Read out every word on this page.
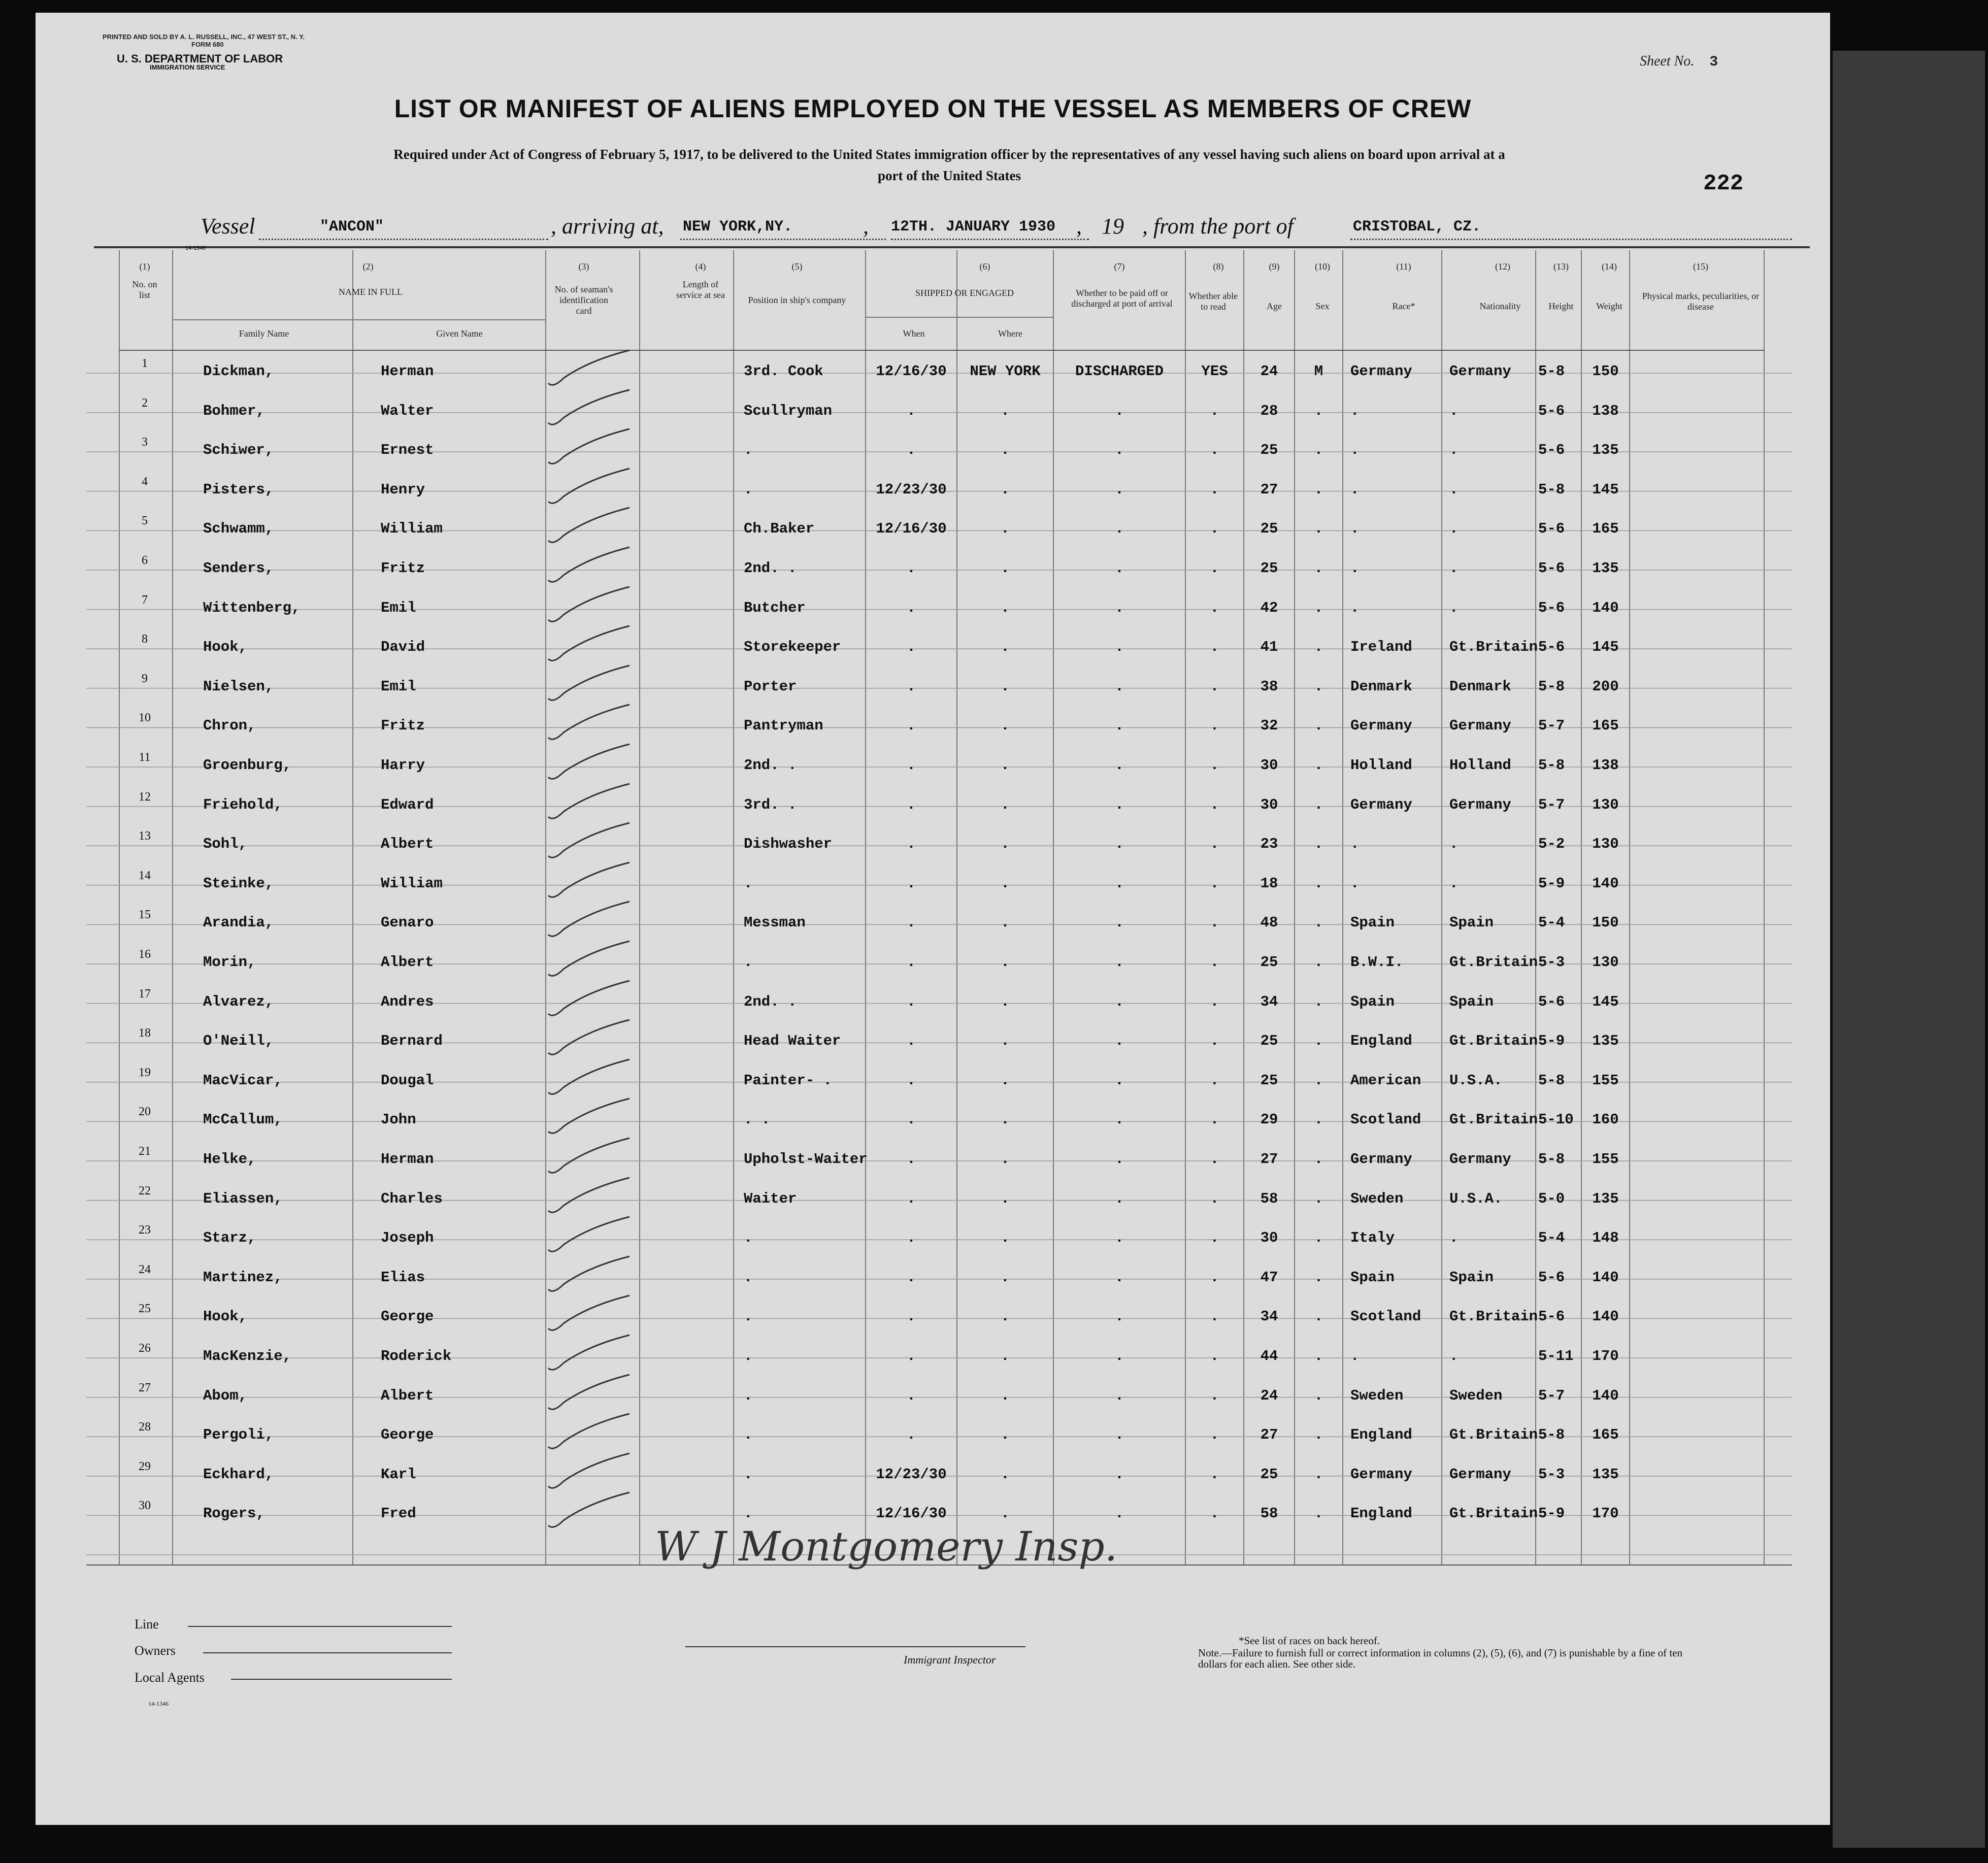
PRINTED AND SOLD BY A. L. RUSSELL, INC., 47 WEST ST., N. Y.
FORM 680
U. S. DEPARTMENT OF LABOR
IMMIGRATION SERVICE	Sheet No. 3
LIST OR MANIFEST OF ALIENS EMPLOYED ON THE VESSEL AS MEMBERS OF CREW
Required under Act of Congress of February 5, 1917, to be delivered to the United States immigration officer by the representatives of any vessel having such aliens on board upon arrival at a
port of the United States	222
Vessel	"ANCON"	, arriving at, NEW YORK,NY.	, 12TH. JANUARY 1930 , 19 , from the port of	CRISTOBAL, CZ.
14-1346
(1)	(2)	(3)	(4)	(5)	(6)	(7)	(8)	(9)	(10)	(11)	(12)	(13)	(14)	(15)
No. on list	NAME IN FULL
Family Name	Given Name
No. of seaman's identification card
Length of service at sea	Position in ship's company
SHIPPED OR ENGAGED
When	Where
Whether to be paid off or discharged at port of arrival
Whether able to read	Age	Sex	Race*	Nationality	Height	Weight
Physical marks, peculiarities, or disease
1	Dickman,	Herman	3rd. Cook	12/16/30	NEW YORK	DISCHARGED	YES	24	M	Germany	Germany 5-8	150
2	Bohmer,	Walter	Scullryman	.	.	.	.	28	.	.	.	5-6	138
3	Schiwer,	Ernest	.	.	.	.	.	25	.	.	.	5-6	135
4	Pisters,	Henry	.	12/23/30	.	.	.	27	.	.	.	5-8	145
5	Schwamm,	William	Ch.Baker	12/16/30	.	.	.	25	.	.	.	5-6	165
6	Senders,	Fritz	2nd. .	.	.	.	.	25	.	.	.	5-6	135
7	Wittenberg,	Emil	Butcher	.	.	.	.	42	.	.	.	5-6	140
8	Hook,	David	Storekeeper	.	.	.	.	41	.	Ireland	Gt.Britain 5-6	145
9	Nielsen,	Emil	Porter	.	.	.	.	38	.	Denmark	Denmark 5-8	200
10	Chron,	Fritz	Pantryman	.	.	.	.	32	.	Germany	Germany 5-7	165
11	Groenburg,	Harry	2nd. .	.	.	.	.	30	.	Holland	Holland 5-8	138
12	Friehold,	Edward	3rd. .	.	.	.	.	30	.	Germany	Germany 5-7	130
13	Sohl,	Albert	Dishwasher	.	.	.	.	23	.	.	.	5-2	130
14	Steinke,	William	.	.	.	.	.	18	.	.	.	5-9	140
15	Arandia,	Genaro	Messman	.	.	.	.	48	.	Spain	Spain	5-4	150
16	Morin,	Albert	.	.	.	.	.	25	.	B.W.I.	Gt.Britain 5-3	130
17	Alvarez,	Andres	2nd. .	.	.	.	.	34	.	Spain	Spain	5-6	145
18	O'Neill,	Bernard	Head Waiter	.	.	.	.	25	.	England	Gt.Britain 5-9	135
19	MacVicar,	Dougal	Painter- .	.	.	.	.	25	.	American U.S.A. 5-8	155
20	McCallum,	John	. .	.	.	.	.	29	.	Scotland Gt.Britain 5-10	160
21	Helke,	Herman	Upholst-Waiter	.	.	.	.	27	.	Germany	Germany 5-8	155
22	Eliassen,	Charles	Waiter	.	.	.	.	58	.	Sweden	U.S.A. 5-0	135
23	Starz,	Joseph	.	.	.	.	.	30	.	Italy	.	5-4	148
24	Martinez,	Elias	.	.	.	.	.	47	.	Spain	Spain	5-6	140
25	Hook,	George	.	.	.	.	.	34	.	Scotland Gt.Britain 5-6	140
26	MacKenzie,	Roderick	.	.	.	.	.	44	.	.	.	5-11	170
27	Abom,	Albert	.	.	.	.	.	24	.	Sweden	Sweden 5-7	140
28	Pergoli,	George	.	.	.	.	.	27	.	England	Gt.Britain 5-8	165
29	Eckhard,	Karl	.	12/23/30	.	.	.	25	.	Germany	Germany 5-3	135
30	Rogers,	Fred	.	12/16/30	.	.	.	58	.	England	Gt.Britain 5-9	170
W J Montgomery Insp.
Line
Owners
Local Agents
14-1346
Immigrant Inspector
*See list of races on back hereof.
Note.—Failure to furnish full or correct information in columns (2), (5), (6), and (7) is punishable by a fine of ten dollars for each alien. See other side.
